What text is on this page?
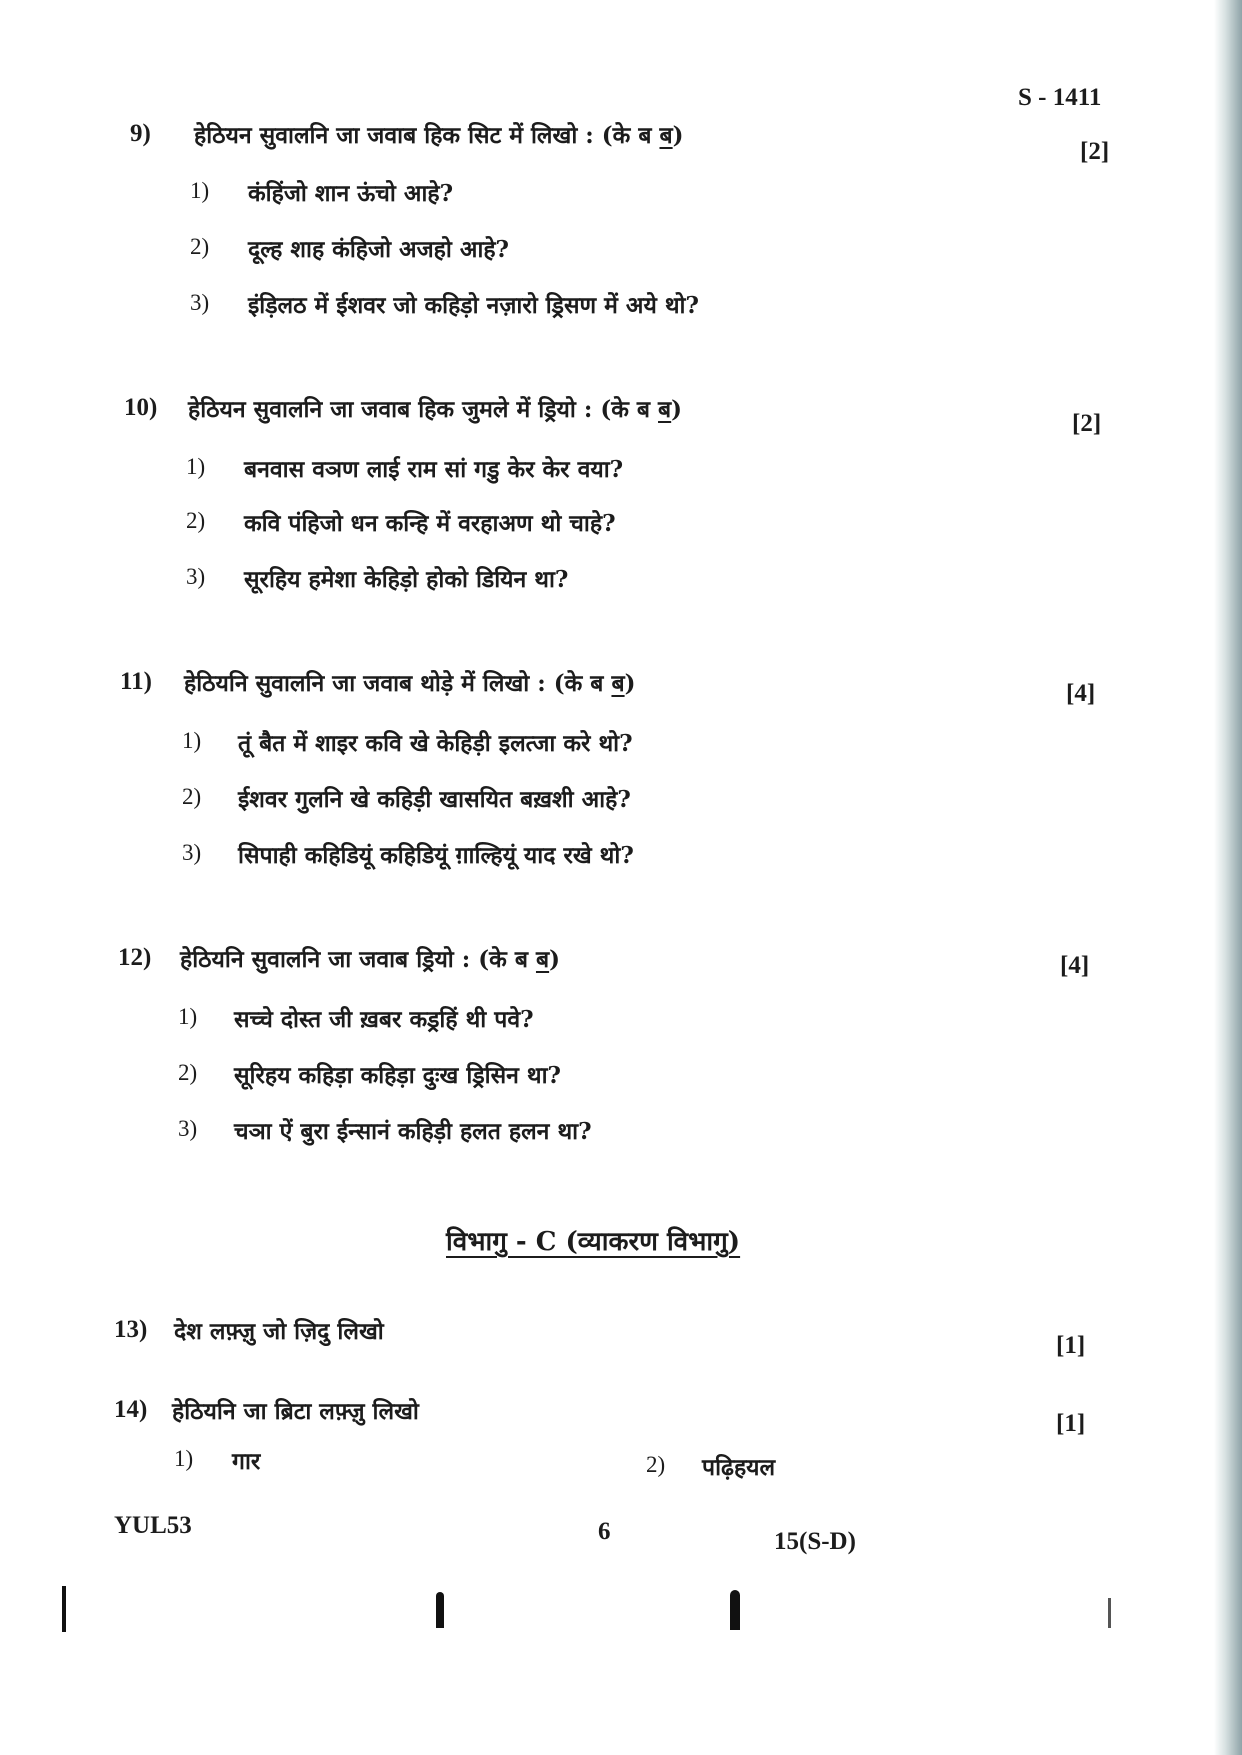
S - 1411
9) हेठियन सुवालनि जा जवाब हिक सिट में लिखो : (के ब ब)
[2]
1) कंहिंजो शान ऊंचो आहे?
2) दूल्ह शाह कंहिजो अजहो आहे?
3) इंड़िलठ में ईशवर जो कहिड़ो नज़ारो ड्रिसण में अये थो?
10) हेठियन सुवालनि जा जवाब हिक जुमले में ड्रियो : (के ब ब)
[2]
1) बनवास वञण लाई राम सां गडु केर केर वया?
2) कवि पंहिजो धन कन्हि में वरहाअण थो चाहे?
3) सूरहिय हमेशा केहिड़ो होको डियिन था?
11) हेठियनि सुवालनि जा जवाब थोड़े में लिखो : (के ब ब)	[4]
1) तूं बैत में शाइर कवि खे केहिड़ी इलत्जा करे थो?
2) ईशवर गुलनि खे कहिड़ी खासयित बख़शी आहे?
3) सिपाही कहिडियूं कहिडियूं ग़ाल्हियूं याद रखे थो?
12) हेठियनि सुवालनि जा जवाब ड्रियो : (के ब ब)	[4]
1) सच्चे दोस्त जी ख़बर कड्रहिं थी पवे?
2) सूरिहय कहिड़ा कहिड़ा दुःख ड्रिसिन था?
3) चञा ऐं बुरा ईन्सानं कहिड़ी हलत हलन था?
विभागु - C (व्याकरण विभागु)
13) देश लफ़्ज़ु जो ज़िदु लिखो
[1]
14) हेठियनि जा ब्रिटा लफ़्ज़ु लिखो	[1]
1) गार	2) पढ़िहयल
YUL53	6	15(S-D)
